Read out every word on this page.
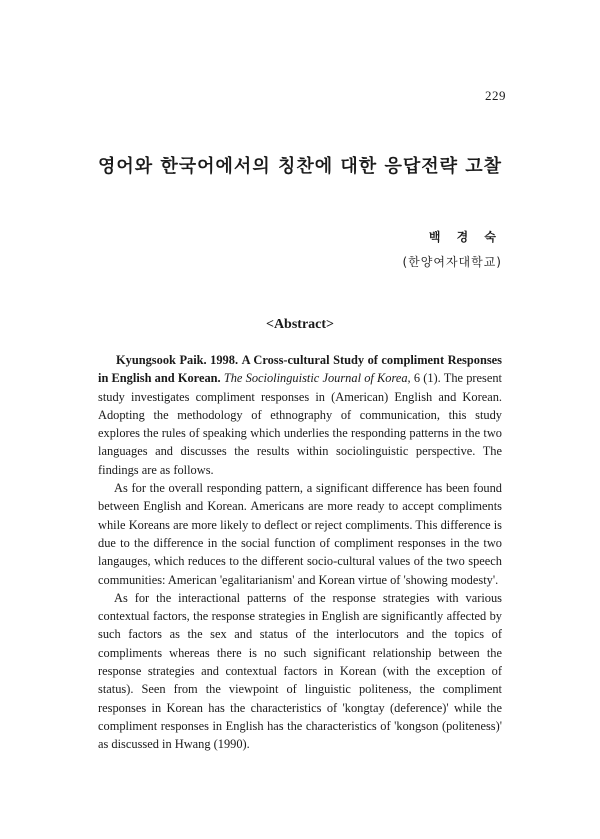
229
영어와 한국어에서의 칭찬에 대한 응답전략 고찰
백 경 숙
(한양여자대학교)
<Abstract>

Kyungsook Paik. 1998. A Cross-cultural Study of compliment Responses in English and Korean. The Sociolinguistic Journal of Korea, 6 (1). The present study investigates compliment responses in (American) English and Korean. Adopting the methodology of ethnography of communication, this study explores the rules of speaking which underlies the responding patterns in the two languages and discusses the results within sociolinguistic perspective. The findings are as follows.

As for the overall responding pattern, a significant difference has been found between English and Korean. Americans are more ready to accept compliments while Koreans are more likely to deflect or reject compliments. This difference is due to the difference in the social function of compliment responses in the two langauges, which reduces to the different socio-cultural values of the two speech communities: American 'egalitarianism' and Korean virtue of 'showing modesty'.

As for the interactional patterns of the response strategies with various contextual factors, the response strategies in English are significantly affected by such factors as the sex and status of the interlocutors and the topics of compliments whereas there is no such significant relationship between the response strategies and contextual factors in Korean (with the exception of status). Seen from the viewpoint of linguistic politeness, the compliment responses in Korean has the characteristics of 'kongtay (deference)' while the compliment responses in English has the characteristics of 'kongson (politeness)' as discussed in Hwang (1990).
